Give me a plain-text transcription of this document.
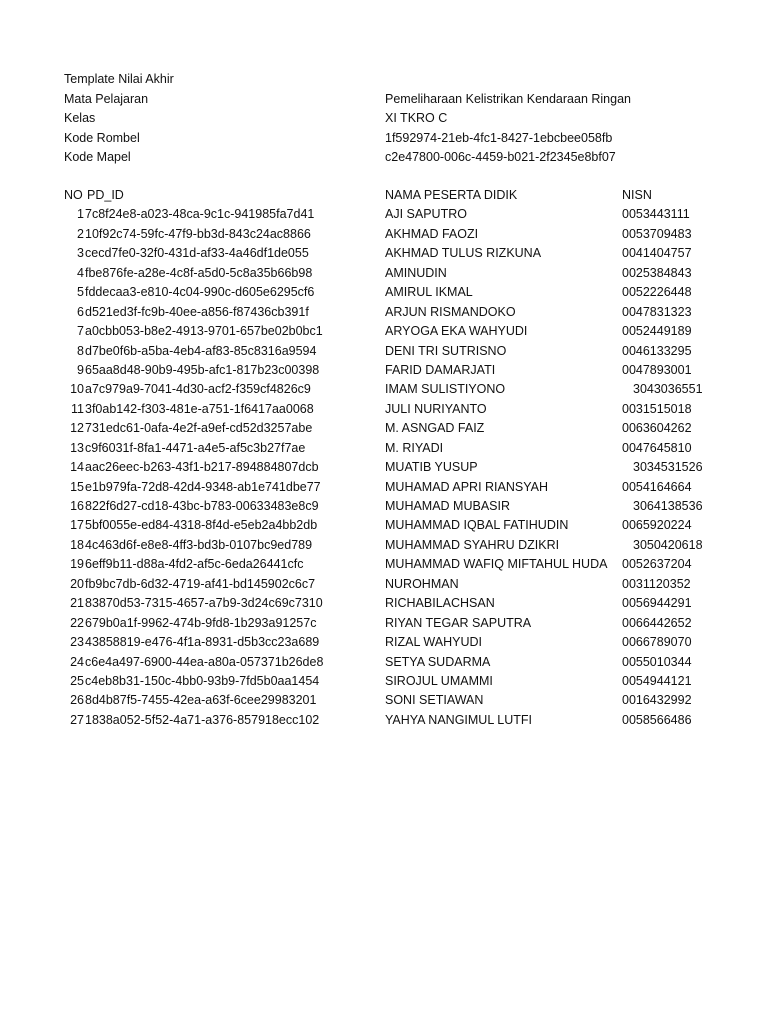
Template Nilai Akhir
Mata Pelajaran	Pemeliharaan Kelistrikan Kendaraan Ringan
Kelas	XI TKRO C
Kode Rombel	1f592974-21eb-4fc1-8427-1ebcbee058fb
Kode Mapel	c2e47800-006c-4459-b021-2f2345e8bf07
NO PD_ID	NAMA PESERTA DIDIK	NISN
1 7c8f24e8-a023-48ca-9c1c-941985fa7d41	AJI SAPUTRO	0053443111
2 10f92c74-59fc-47f9-bb3d-843c24ac8866	AKHMAD FAOZI	0053709483
3 cecd7fe0-32f0-431d-af33-4a46df1de055	AKHMAD TULUS RIZKUNA	0041404757
4 fbe876fe-a28e-4c8f-a5d0-5c8a35b66b98	AMINUDIN	0025384843
5 fddecaa3-e810-4c04-990c-d605e6295cf6	AMIRUL IKMAL	0052226448
6 d521ed3f-fc9b-40ee-a856-f87436cb391f	ARJUN RISMANDOKO	0047831323
7 a0cbb053-b8e2-4913-9701-657be02b0bc1	ARYOGA EKA WAHYUDI	0052449189
8 d7be0f6b-a5ba-4eb4-af83-85c8316a9594	DENI TRI SUTRISNO	0046133295
9 65aa8d48-90b9-495b-afc1-817b23c00398	FARID DAMARJATI	0047893001
10 a7c979a9-7041-4d30-acf2-f359cf4826c9	IMAM SULISTIYONO	3043036551
11 3f0ab142-f303-481e-a751-1f6417aa0068	JULI NURIYANTO	0031515018
12 731edc61-0afa-4e2f-a9ef-cd52d3257abe	M. ASNGAD FAIZ	0063604262
13 c9f6031f-8fa1-4471-a4e5-af5c3b27f7ae	M. RIYADI	0047645810
14 aac26eec-b263-43f1-b217-894884807dcb	MUATIB YUSUP	3034531526
15 e1b979fa-72d8-42d4-9348-ab1e741dbe77	MUHAMAD APRI RIANSYAH	0054164664
16 822f6d27-cd18-43bc-b783-00633483e8c9	MUHAMAD MUBASIR	3064138536
17 5bf0055e-ed84-4318-8f4d-e5eb2a4bb2db	MUHAMMAD IQBAL FATIHUDIN	0065920224
18 4c463d6f-e8e8-4ff3-bd3b-0107bc9ed789	MUHAMMAD SYAHRU DZIKRI	3050420618
19 6eff9b11-d88a-4fd2-af5c-6eda26441cfc	MUHAMMAD WAFIQ MIFTAHUL HUDA 0052637204
20 fb9bc7db-6d32-4719-af41-bd145902c6c7	NUROHMAN	0031120352
21 83870d53-7315-4657-a7b9-3d24c69c7310	RICHABILACHSAN	0056944291
22 679b0a1f-9962-474b-9fd8-1b293a91257c	RIYAN TEGAR SAPUTRA	0066442652
23 43858819-e476-4f1a-8931-d5b3cc23a689	RIZAL WAHYUDI	0066789070
24 c6e4a497-6900-44ea-a80a-057371b26de8	SETYA SUDARMA	0055010344
25 c4eb8b31-150c-4bb0-93b9-7fd5b0aa1454	SIROJUL UMAMMI	0054944121
26 8d4b87f5-7455-42ea-a63f-6cee29983201	SONI SETIAWAN	0016432992
27 1838a052-5f52-4a71-a376-857918ecc102	YAHYA NANGIMUL LUTFI	0058566486
